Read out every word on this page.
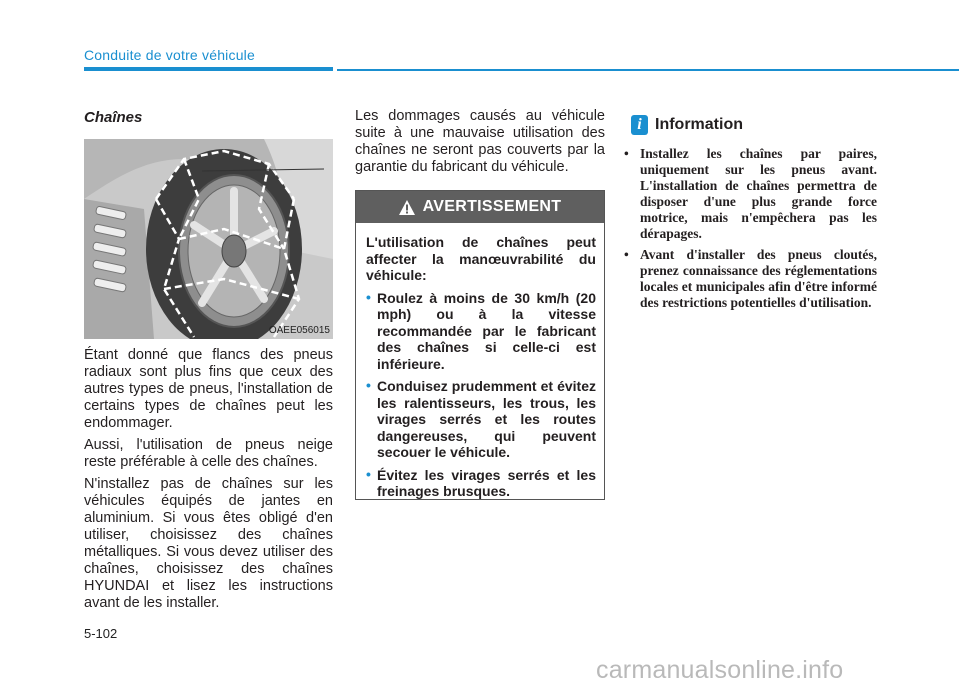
Conduite de votre véhicule
Chaînes
OAEE056015

Étant donné que flancs des pneus radiaux sont plus fins que ceux des autres types de pneus, l'installation de certains types de chaînes peut les endommager.

Aussi, l'utilisation de pneus neige reste préférable à celle des chaînes.

N'installez pas de chaînes sur les véhicules équipés de jantes en aluminium. Si vous êtes obligé d'en utiliser, choisissez des chaînes métalliques. Si vous devez utiliser des chaînes, choisissez des chaînes HYUNDAI et lisez les instructions avant de les installer.

Les dommages causés au véhicule suite à une mauvaise utilisation des chaînes ne seront pas couverts par la garantie du fabricant du véhicule.
AVERTISSEMENT
L'utilisation de chaînes peut affecter la manœuvrabilité du véhicule:
• Roulez à moins de 30 km/h (20 mph) ou à la vitesse recommandée par le fabricant des chaînes si celle-ci est inférieure.
• Conduisez prudemment et évitez les ralentisseurs, les trous, les virages serrés et les routes dangereuses, qui peuvent secouer le véhicule.
• Évitez les virages serrés et les freinages brusques.
i Information
• Installez les chaînes par paires, uniquement sur les pneus avant. L'installation de chaînes permettra de disposer d'une plus grande force motrice, mais n'empêchera pas les dérapages.
• Avant d'installer des pneus cloutés, prenez connaissance des réglementations locales et municipales afin d'être informé des restrictions potentielles d'utilisation.
5-102
carmanualsonline.info
